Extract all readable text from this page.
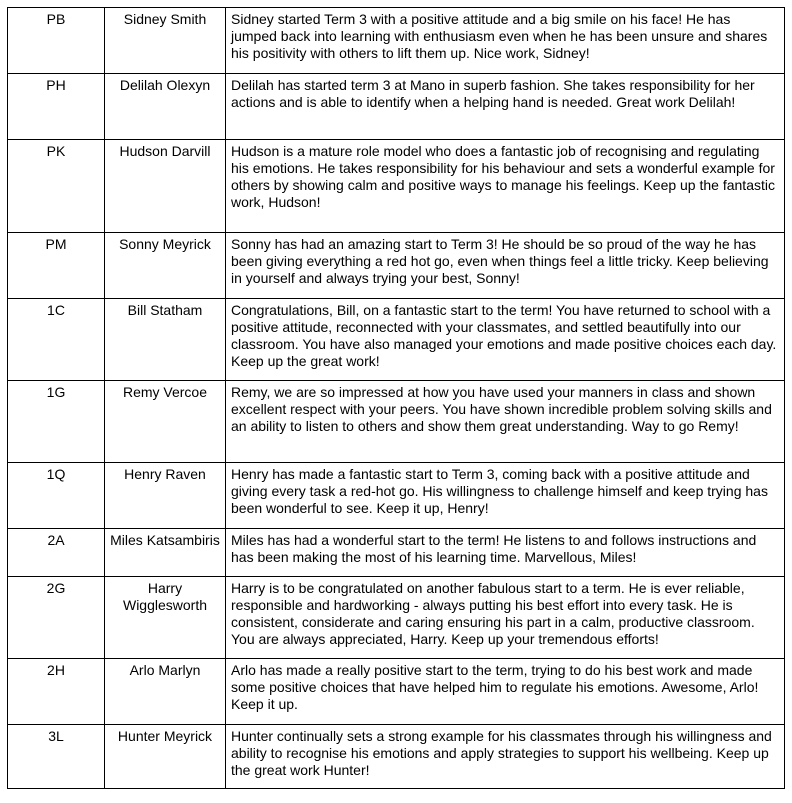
PB	Sidney Smith	Sidney started Term 3 with a positive attitude and a big smile on his face! He has jumped back into learning with enthusiasm even when he has been unsure and shares his positivity with others to lift them up. Nice work, Sidney!
PH	Delilah Olexyn	Delilah has started term 3 at Mano in superb fashion. She takes responsibility for her actions and is able to identify when a helping hand is needed. Great work Delilah!
PK	Hudson Darvill	Hudson is a mature role model who does a fantastic job of recognising and regulating his emotions. He takes responsibility for his behaviour and sets a wonderful example for others by showing calm and positive ways to manage his feelings. Keep up the fantastic work, Hudson!
PM	Sonny Meyrick	Sonny has had an amazing start to Term 3! He should be so proud of the way he has been giving everything a red hot go, even when things feel a little tricky. Keep believing in yourself and always trying your best, Sonny!
1C	Bill Statham	Congratulations, Bill, on a fantastic start to the term! You have returned to school with a positive attitude, reconnected with your classmates, and settled beautifully into our classroom. You have also managed your emotions and made positive choices each day. Keep up the great work!
1G	Remy Vercoe	Remy, we are so impressed at how you have used your manners in class and shown excellent respect with your peers. You have shown incredible problem solving skills and an ability to listen to others and show them great understanding. Way to go Remy!
1Q	Henry Raven	Henry has made a fantastic start to Term 3, coming back with a positive attitude and giving every task a red-hot go. His willingness to challenge himself and keep trying has been wonderful to see. Keep it up, Henry!
2A	Miles Katsambiris	Miles has had a wonderful start to the term! He listens to and follows instructions and has been making the most of his learning time. Marvellous, Miles!
2G	Harry Wigglesworth	Harry is to be congratulated on another fabulous start to a term. He is ever reliable, responsible and hardworking - always putting his best effort into every task. He is consistent, considerate and caring ensuring his part in a calm, productive classroom. You are always appreciated, Harry. Keep up your tremendous efforts!
2H	Arlo Marlyn	Arlo has made a really positive start to the term, trying to do his best work and made some positive choices that have helped him to regulate his emotions. Awesome, Arlo! Keep it up.
3L	Hunter Meyrick	Hunter continually sets a strong example for his classmates through his willingness and ability to recognise his emotions and apply strategies to support his wellbeing. Keep up the great work Hunter!
